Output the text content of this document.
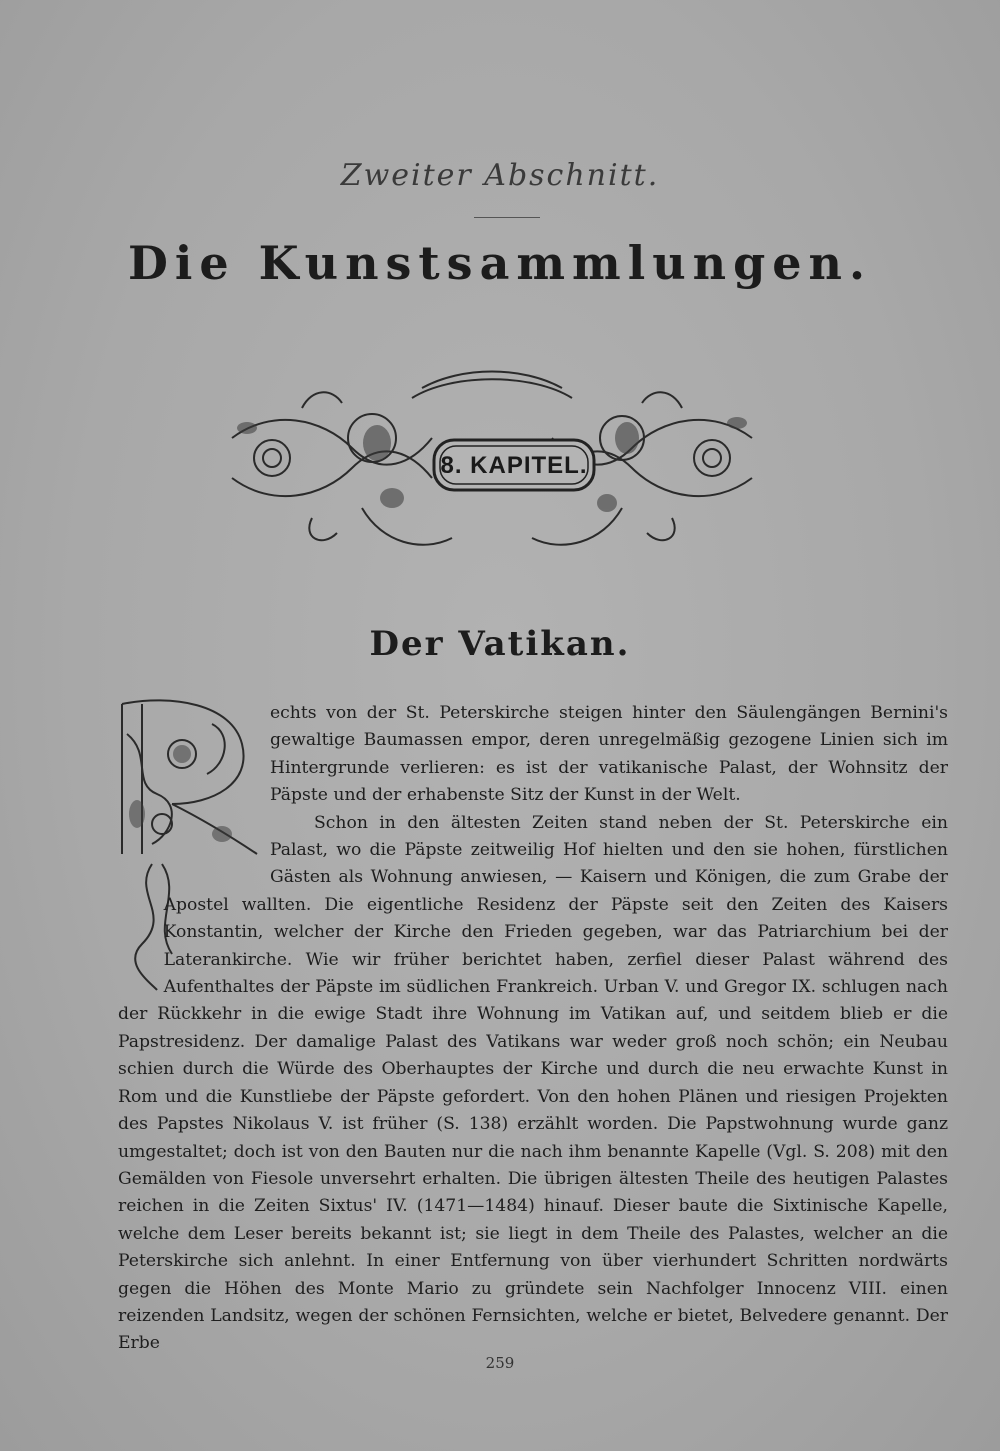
Zweiter Abschnitt.
Die Kunstsammlungen.
8. KAPITEL.
Der Vatikan.

echts von der St. Peterskirche steigen hinter den Säulengängen Bernini's gewaltige Baumassen empor, deren unregelmäßig gezogene Linien sich im Hintergrunde verlieren: es ist der vatikanische Palast, der Wohnsitz der Päpste und der erhabenste Sitz der Kunst in der Welt.

Schon in den ältesten Zeiten stand neben der St. Peterskirche ein Palast, wo die Päpste zeitweilig Hof hielten und den sie hohen, fürstlichen Gästen als Wohnung anwiesen, — Kaisern und Königen, die zum Grabe der Apostel wallten. Die eigentliche Residenz der Päpste seit den Zeiten des Kaisers Konstantin, welcher der Kirche den Frieden gegeben, war das Patriarchium bei der Laterankirche. Wie wir früher berichtet haben, zerfiel dieser Palast während des Aufenthaltes der Päpste im südlichen Frankreich. Urban V. und Gregor IX. schlugen nach der Rückkehr in die ewige Stadt ihre Wohnung im Vatikan auf, und seitdem blieb er die Papstresidenz. Der damalige Palast des Vatikans war weder groß noch schön; ein Neubau schien durch die Würde des Oberhauptes der Kirche und durch die neu erwachte Kunst in Rom und die Kunstliebe der Päpste gefordert. Von den hohen Plänen und riesigen Projekten des Papstes Nikolaus V. ist früher (S. 138) erzählt worden. Die Papstwohnung wurde ganz umgestaltet; doch ist von den Bauten nur die nach ihm benannte Kapelle (Vgl. S. 208) mit den Gemälden von Fiesole unversehrt erhalten. Die übrigen ältesten Theile des heutigen Palastes reichen in die Zeiten Sixtus' IV. (1471—1484) hinauf. Dieser baute die Sixtinische Kapelle, welche dem Leser bereits bekannt ist; sie liegt in dem Theile des Palastes, welcher an die Peterskirche sich anlehnt. In einer Entfernung von über vierhundert Schritten nordwärts gegen die Höhen des Monte Mario zu gründete sein Nachfolger Innocenz VIII. einen reizenden Landsitz, wegen der schönen Fernsichten, welche er bietet, Belvedere genannt. Der Erbe

259
